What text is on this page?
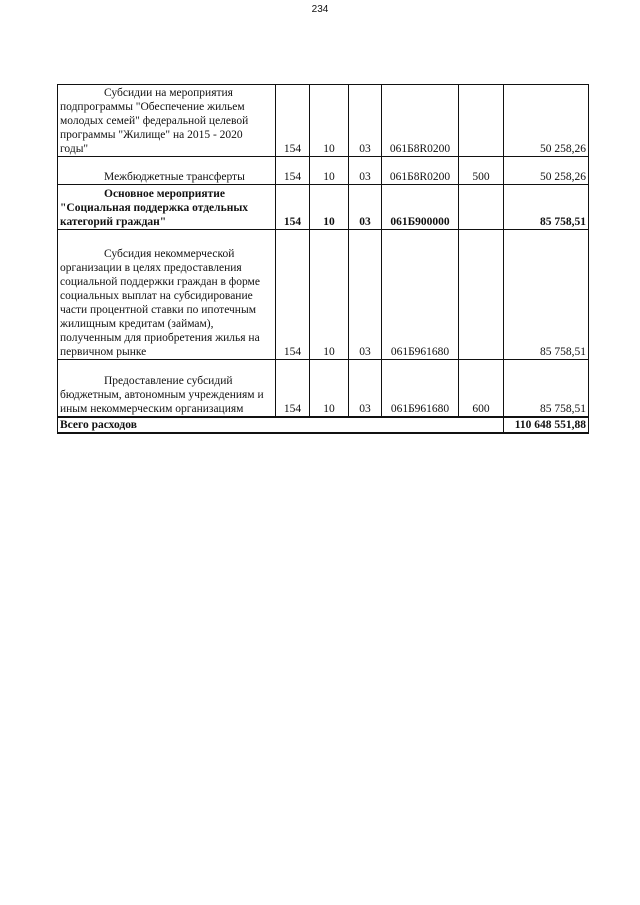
234
Субсидии на мероприятия подпрограммы "Обеспечение жильем молодых семей" федеральной целевой программы "Жилище" на 2015 - 2020 годы"	154	10	03	061Б8R0200		50 258,26
Межбюджетные трансферты	154	10	03	061Б8R0200	500	50 258,26
Основное мероприятие "Социальная поддержка отдельных категорий граждан"	154	10	03	061Б900000		85 758,51
Субсидия некоммерческой организации в целях предоставления социальной поддержки граждан в форме социальных выплат на субсидирование части процентной ставки по ипотечным жилищным кредитам (займам), полученным для приобретения жилья на первичном рынке	154	10	03	061Б961680		85 758,51
Предоставление субсидий бюджетным, автономным учреждениям и иным некоммерческим организациям	154	10	03	061Б961680	600	85 758,51
Всего расходов						110 648 551,88
